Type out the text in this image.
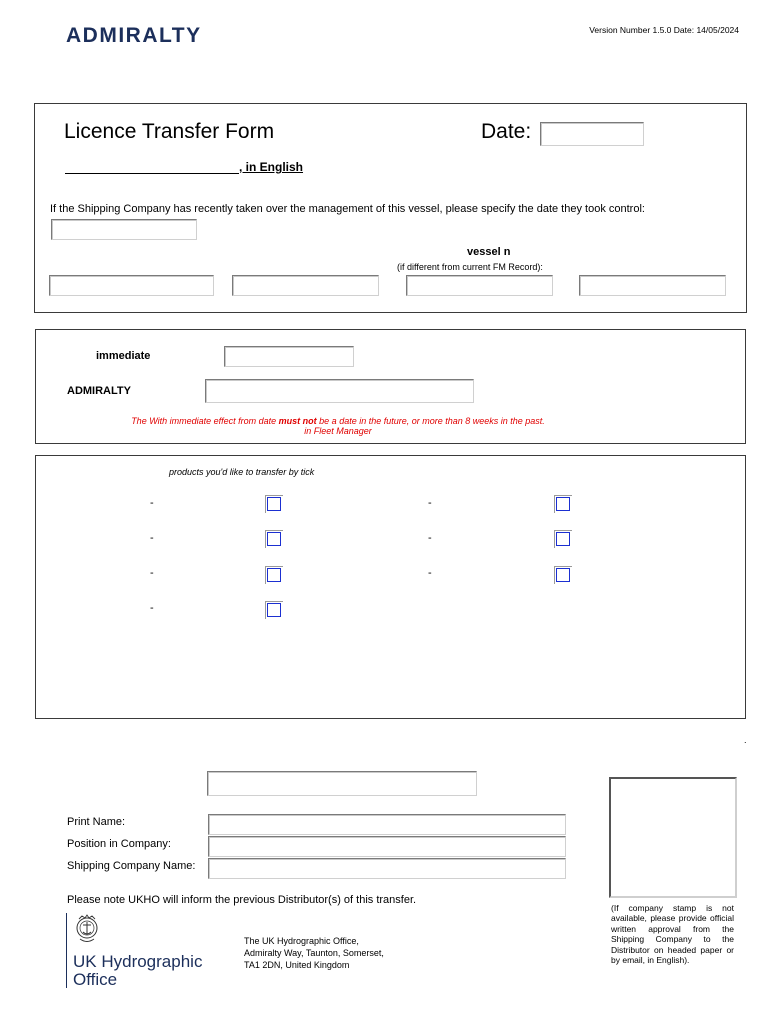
ADMIRALTY	Version Number 1.5.0 Date: 14/05/2024
Licence Transfer Form	Date:
, in English
If the Shipping Company has recently taken over the management of this vessel, please specify the date they took control:
vessel n
(if different from current FM Record):
immediate
ADMIRALTY
The With immediate effect from date must not be a date in the future, or more than 8 weeks in the past.
in Fleet Manager
products you'd like to transfer by tick
-
-
-
-
-
-
-
.
Print Name:
Position in Company:
Shipping Company Name:
Please note UKHO will inform the previous Distributor(s) of this transfer.
(If company stamp is not available, please provide official written approval from the Shipping Company to the Distributor on headed paper or by email, in English).
UK Hydrographic
Office
The UK Hydrographic Office,
Admiralty Way, Taunton, Somerset,
TA1 2DN, United Kingdom
